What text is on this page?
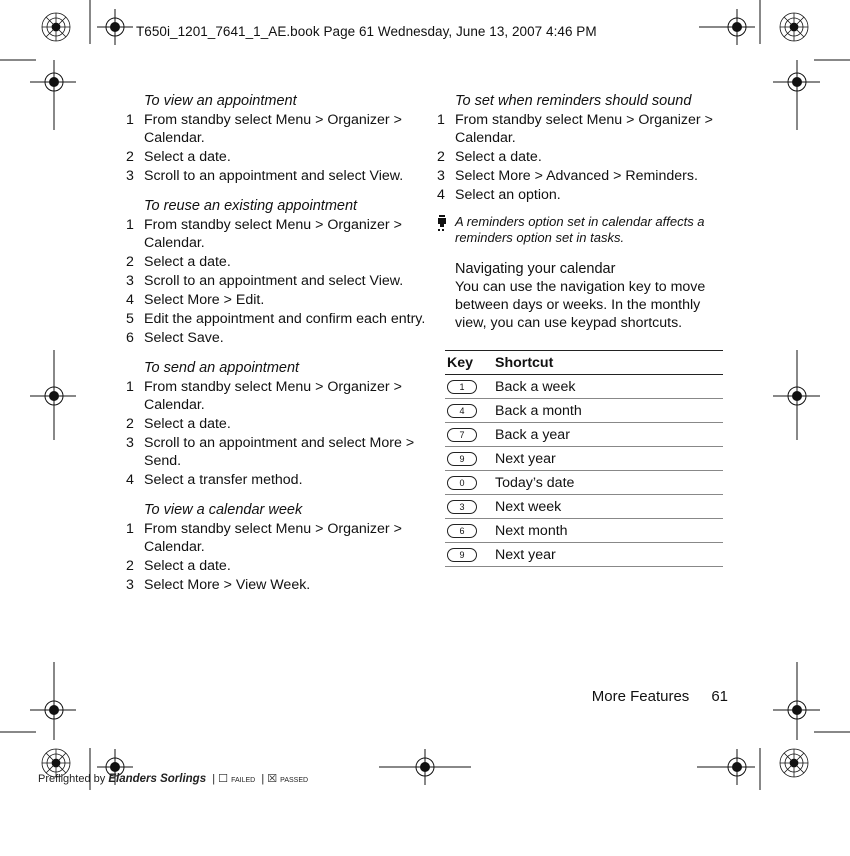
T650i_1201_7641_1_AE.book Page 61 Wednesday, June 13, 2007 4:46 PM
To view an appointment
1 From standby select Menu > Organizer > Calendar.
2 Select a date.
3 Scroll to an appointment and select View.
To reuse an existing appointment
1 From standby select Menu > Organizer > Calendar.
2 Select a date.
3 Scroll to an appointment and select View.
4 Select More > Edit.
5 Edit the appointment and confirm each entry.
6 Select Save.
To send an appointment
1 From standby select Menu > Organizer > Calendar.
2 Select a date.
3 Scroll to an appointment and select More > Send.
4 Select a transfer method.
To view a calendar week
1 From standby select Menu > Organizer > Calendar.
2 Select a date.
3 Select More > View Week.
To set when reminders should sound
1 From standby select Menu > Organizer > Calendar.
2 Select a date.
3 Select More > Advanced > Reminders.
4 Select an option.
A reminders option set in calendar affects a reminders option set in tasks.
Navigating your calendar
You can use the navigation key to move between days or weeks. In the monthly view, you can use keypad shortcuts.
Key	Shortcut
1	Back a week
4	Back a month
7	Back a year
9	Next year
0	Today’s date
3	Next week
6	Next month
9	Next year
More Features 61
Preflighted by Elanders Sorlings  | ☐ FAILED  | ☒ PASSED
